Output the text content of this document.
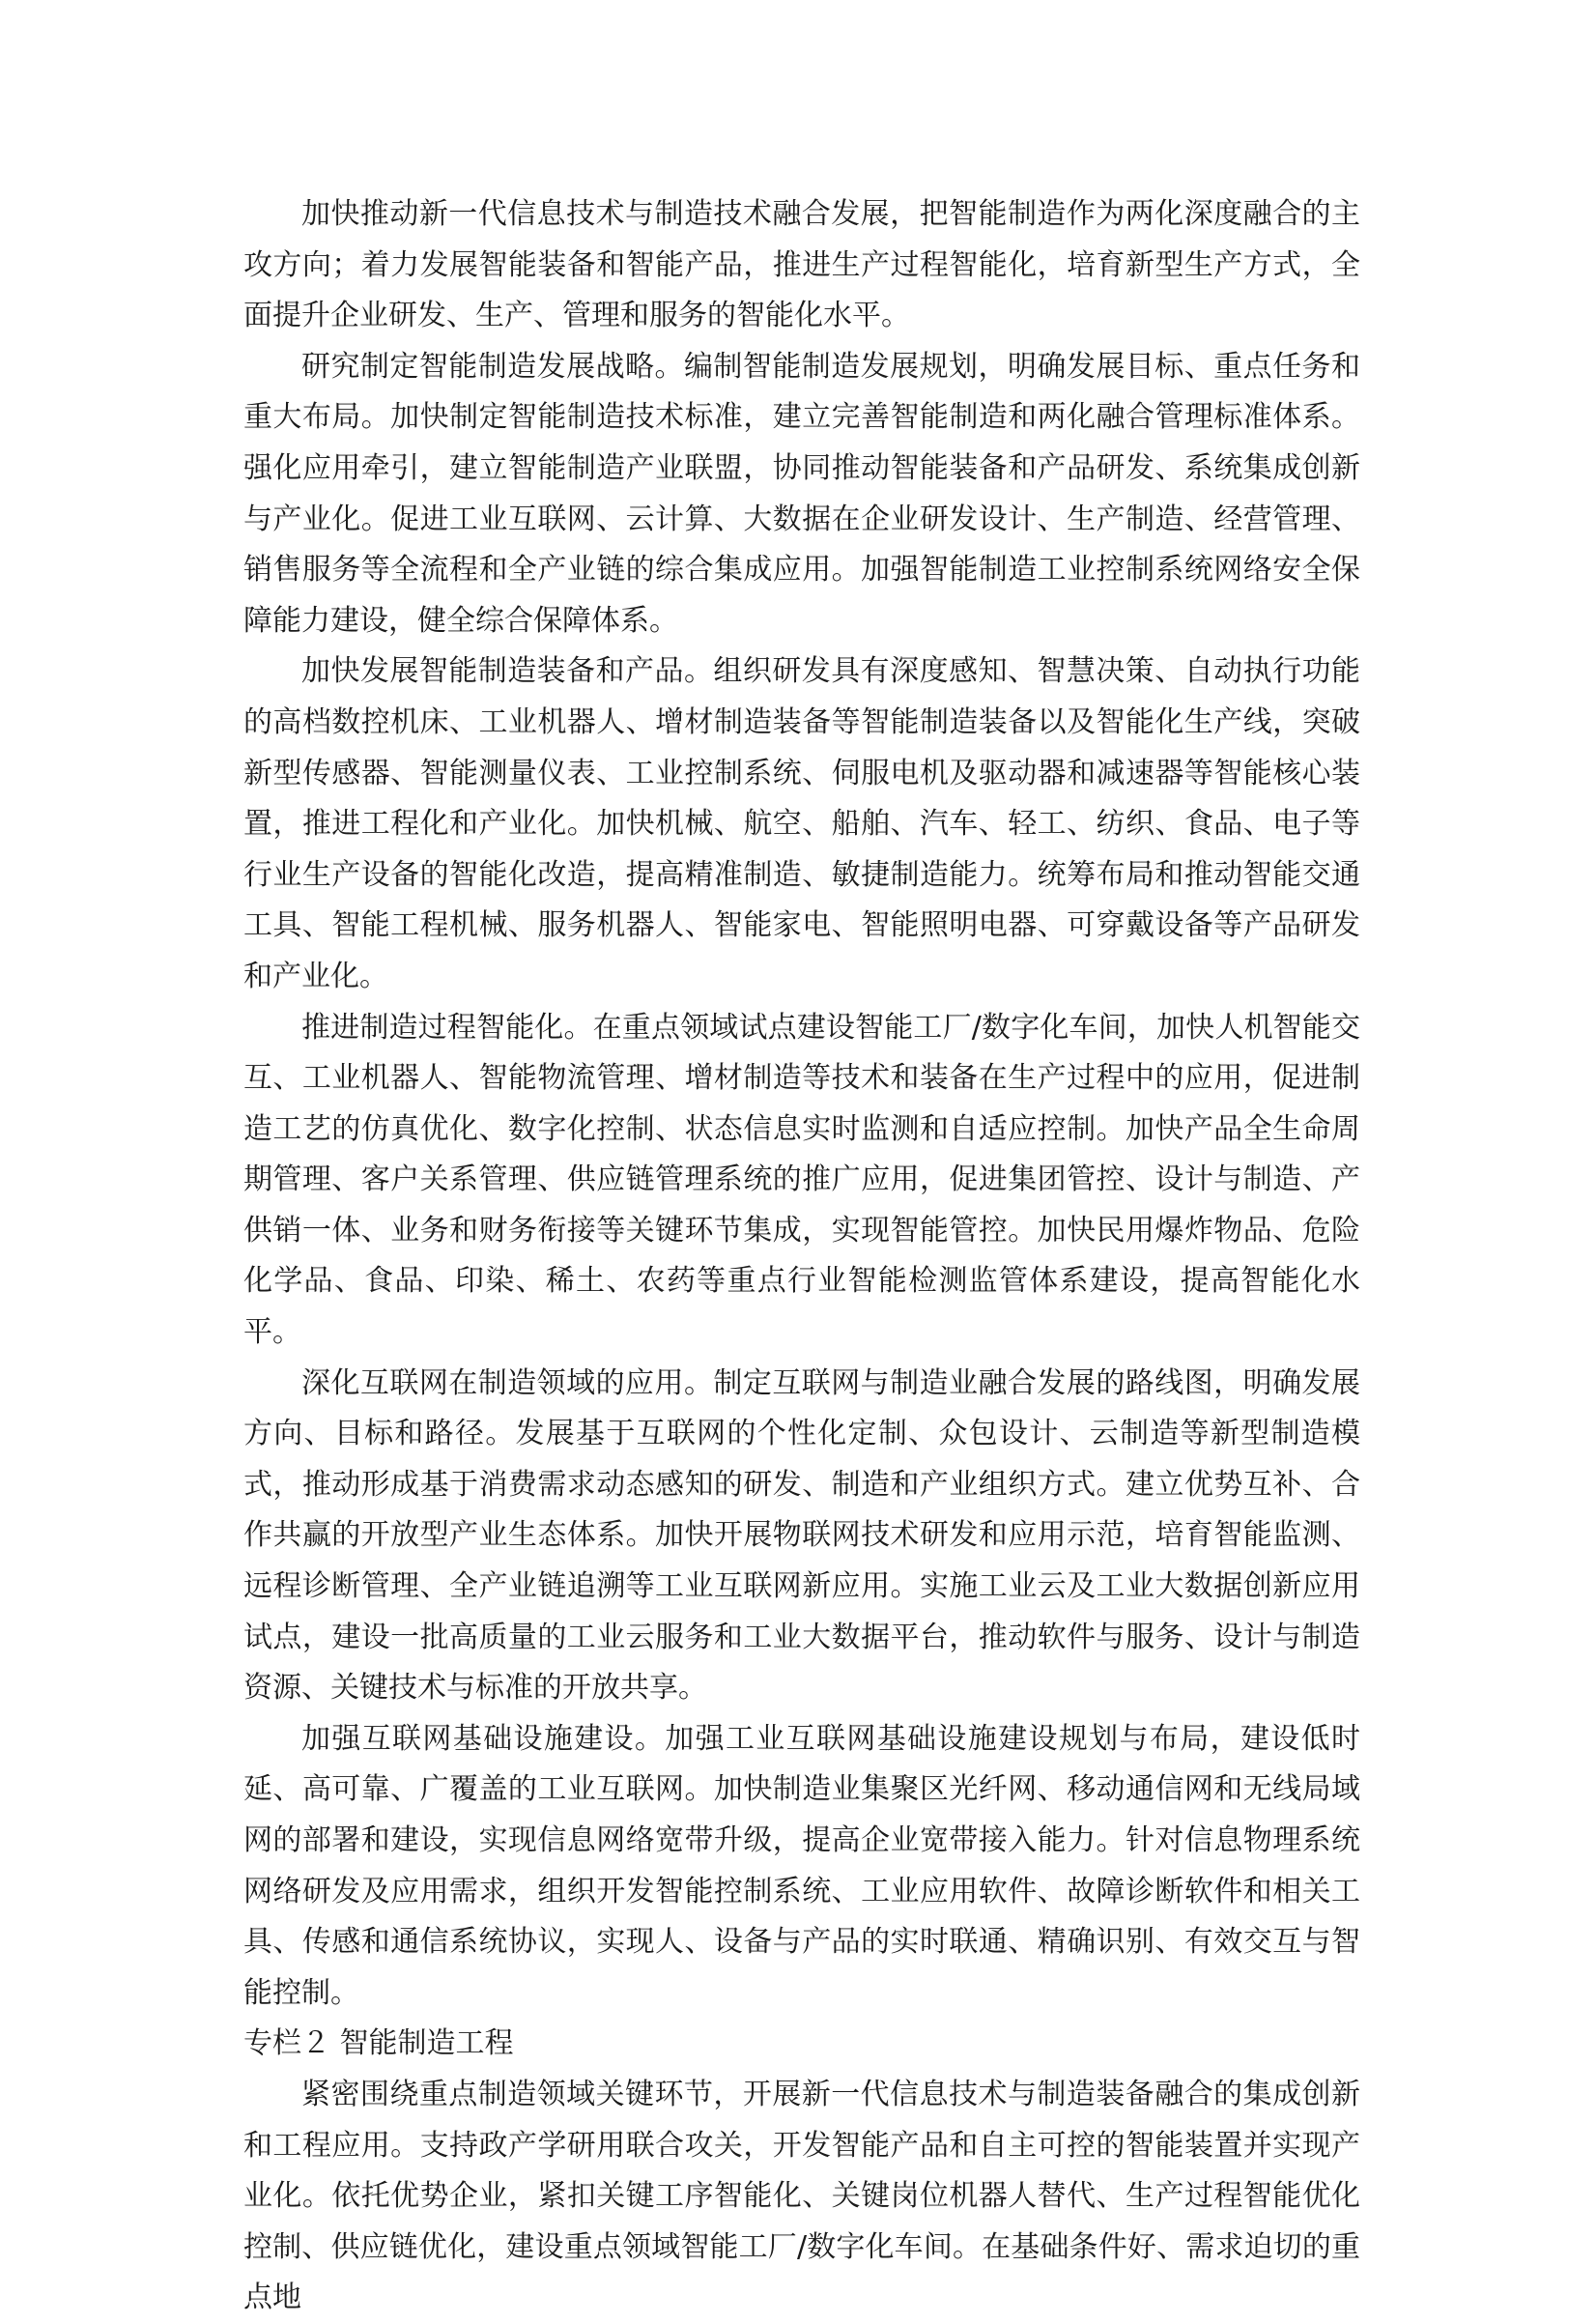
加快推动新一代信息技术与制造技术融合发展，把智能制造作为两化深度融合的主攻方向；着力发展智能装备和智能产品，推进生产过程智能化，培育新型生产方式，全面提升企业研发、生产、管理和服务的智能化水平。

研究制定智能制造发展战略。编制智能制造发展规划，明确发展目标、重点任务和重大布局。加快制定智能制造技术标准，建立完善智能制造和两化融合管理标准体系。强化应用牵引，建立智能制造产业联盟，协同推动智能装备和产品研发、系统集成创新与产业化。促进工业互联网、云计算、大数据在企业研发设计、生产制造、经营管理、销售服务等全流程和全产业链的综合集成应用。加强智能制造工业控制系统网络安全保障能力建设，健全综合保障体系。

加快发展智能制造装备和产品。组织研发具有深度感知、智慧决策、自动执行功能的高档数控机床、工业机器人、增材制造装备等智能制造装备以及智能化生产线，突破新型传感器、智能测量仪表、工业控制系统、伺服电机及驱动器和减速器等智能核心装置，推进工程化和产业化。加快机械、航空、船舶、汽车、轻工、纺织、食品、电子等行业生产设备的智能化改造，提高精准制造、敏捷制造能力。统筹布局和推动智能交通工具、智能工程机械、服务机器人、智能家电、智能照明电器、可穿戴设备等产品研发和产业化。

推进制造过程智能化。在重点领域试点建设智能工厂/数字化车间，加快人机智能交互、工业机器人、智能物流管理、增材制造等技术和装备在生产过程中的应用，促进制造工艺的仿真优化、数字化控制、状态信息实时监测和自适应控制。加快产品全生命周期管理、客户关系管理、供应链管理系统的推广应用，促进集团管控、设计与制造、产供销一体、业务和财务衔接等关键环节集成，实现智能管控。加快民用爆炸物品、危险化学品、食品、印染、稀土、农药等重点行业智能检测监管体系建设，提高智能化水平。

深化互联网在制造领域的应用。制定互联网与制造业融合发展的路线图，明确发展方向、目标和路径。发展基于互联网的个性化定制、众包设计、云制造等新型制造模式，推动形成基于消费需求动态感知的研发、制造和产业组织方式。建立优势互补、合作共赢的开放型产业生态体系。加快开展物联网技术研发和应用示范，培育智能监测、远程诊断管理、全产业链追溯等工业互联网新应用。实施工业云及工业大数据创新应用试点，建设一批高质量的工业云服务和工业大数据平台，推动软件与服务、设计与制造资源、关键技术与标准的开放共享。

加强互联网基础设施建设。加强工业互联网基础设施建设规划与布局，建设低时延、高可靠、广覆盖的工业互联网。加快制造业集聚区光纤网、移动通信网和无线局域网的部署和建设，实现信息网络宽带升级，提高企业宽带接入能力。针对信息物理系统网络研发及应用需求，组织开发智能控制系统、工业应用软件、故障诊断软件和相关工具、传感和通信系统协议，实现人、设备与产品的实时联通、精确识别、有效交互与智能控制。

专栏２ 智能制造工程

紧密围绕重点制造领域关键环节，开展新一代信息技术与制造装备融合的集成创新和工程应用。支持政产学研用联合攻关，开发智能产品和自主可控的智能装置并实现产业化。依托优势企业，紧扣关键工序智能化、关键岗位机器人替代、生产过程智能优化控制、供应链优化，建设重点领域智能工厂/数字化车间。在基础条件好、需求迫切的重点地
